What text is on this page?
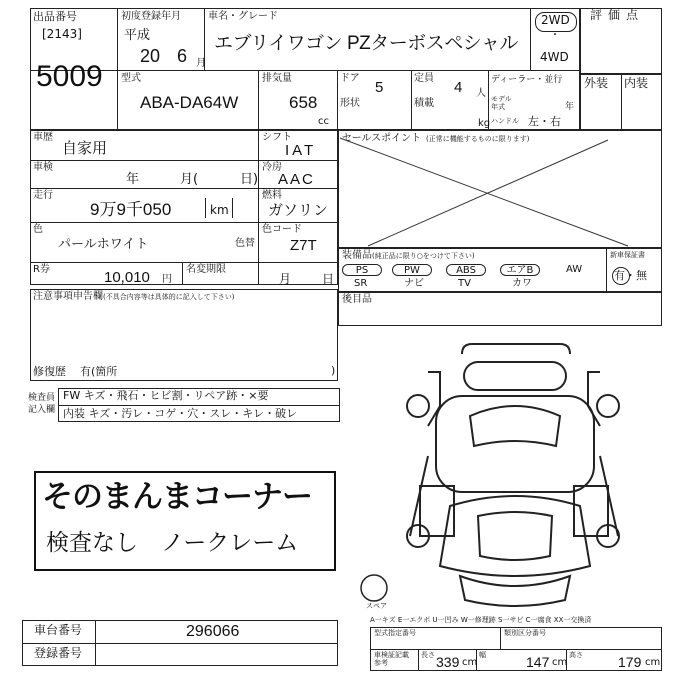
出品番号
[2143]
5009
初度登録年月
平成
20 6 月
車名・グレード
エブリイワゴン PZターボスペシャル
2WD
・
4WD
評価点
型式
ABA-DA64W
排気量
658
cc
ドア
5
形状
定員
4 人
積載
kg
ディーラー・並行
モデル
年式	年
ハンドル 左・右
外装 内装
車歴
自家用
シフト
IAT
車検
年	月(	日)
冷房
AAC
走行
9万9千050	km
燃料
ガソリン
色
パールホワイト	色替
色コード
Z7T
R券	10,010 円
名変期限
月	日
注意事項申告欄 (不具合内容等は具体的に記入して下さい)
修復歴 有(箇所	)
セールスポイント (正常に機能するものに限ります)
装備品 (純正品に限り○をつけて下さい)
PS	PW	ABS	エアB	AW
SR	ナビ	TV	カワ
新車保証書
有・無
後目品
検査員
記入欄
FW キズ・飛石・ヒビ割・リペア跡・×要
内装 キズ・汚レ・コゲ・穴・スレ・キレ・破レ
そのまんまコーナー
検査なし　ノークレーム
スペア
A一キズ E一エクボ U一凹み W一修理跡 S一サビ C一腐食 XX一交換済
車台番号	296066
登録番号
型式指定番号	類別区分番号
車検証記載
参考
長さ 339 cm
幅	147 cm
高さ	179 cm
